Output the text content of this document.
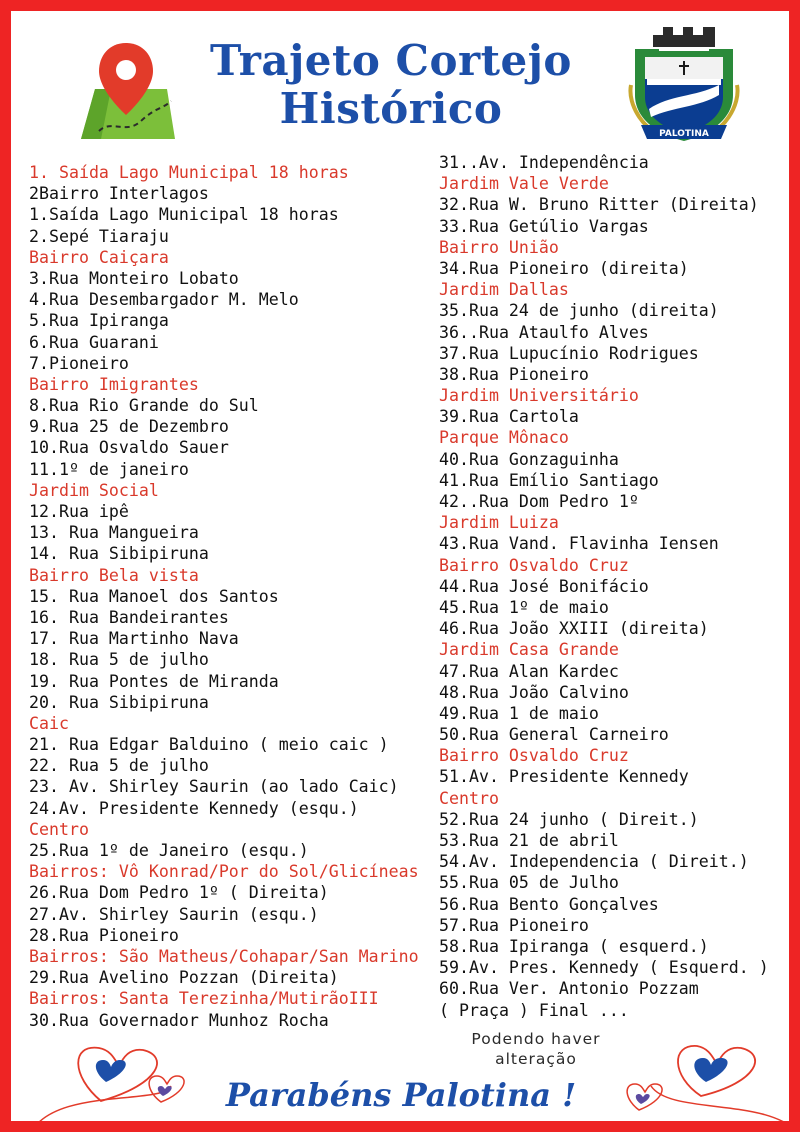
Trajeto Cortejo
Histórico
PALOTINA
1. Saída Lago Municipal 18 horas
2Bairro Interlagos
1.Saída Lago Municipal 18 horas
2.Sepé Tiaraju
Bairro Caiçara
3.Rua Monteiro Lobato
4.Rua Desembargador M. Melo
5.Rua Ipiranga
6.Rua Guarani
7.Pioneiro
Bairro Imigrantes
8.Rua Rio Grande do Sul
9.Rua 25 de Dezembro
10.Rua Osvaldo Sauer
11.1º de janeiro
Jardim Social
12.Rua ipê
13. Rua Mangueira
14. Rua Sibipiruna
Bairro Bela vista
15. Rua Manoel dos Santos
16. Rua Bandeirantes
17. Rua Martinho Nava
18. Rua 5 de julho
19. Rua Pontes de Miranda
20. Rua Sibipiruna
Caic
21. Rua Edgar Balduino ( meio caic )
22. Rua 5 de julho
23. Av. Shirley Saurin (ao lado Caic)
24.Av. Presidente Kennedy (esqu.)
Centro
25.Rua 1º de Janeiro (esqu.)
Bairros: Vô Konrad/Por do Sol/Glicíneas
26.Rua Dom Pedro 1º ( Direita)
27.Av. Shirley Saurin (esqu.)
28.Rua Pioneiro
Bairros: São Matheus/Cohapar/San Marino
29.Rua Avelino Pozzan (Direita)
Bairros: Santa Terezinha/MutirãoIII
30.Rua Governador Munhoz Rocha
31..Av. Independência
Jardim Vale Verde
32.Rua W. Bruno Ritter (Direita)
33.Rua Getúlio Vargas
Bairro União
34.Rua Pioneiro (direita)
Jardim Dallas
35.Rua 24 de junho (direita)
36..Rua Ataulfo Alves
37.Rua Lupucínio Rodrigues
38.Rua Pioneiro
Jardim Universitário
39.Rua Cartola
Parque Mônaco
40.Rua Gonzaguinha
41.Rua Emílio Santiago
42..Rua Dom Pedro 1º
Jardim Luiza
43.Rua Vand. Flavinha Iensen
Bairro Osvaldo Cruz
44.Rua José Bonifácio
45.Rua 1º de maio
46.Rua João XXIII (direita)
Jardim Casa Grande
47.Rua Alan Kardec
48.Rua João Calvino
49.Rua 1 de maio
50.Rua General Carneiro
Bairro Osvaldo Cruz
51.Av. Presidente Kennedy
Centro
52.Rua 24 junho ( Direit.)
53.Rua 21 de abril
54.Av. Independencia ( Direit.)
55.Rua 05 de Julho
56.Rua Bento Gonçalves
57.Rua Pioneiro
58.Rua Ipiranga ( esquerd.)
59.Av. Pres. Kennedy ( Esquerd. )
60.Rua Ver. Antonio Pozzam
( Praça ) Final ...
Podendo haver
alteração
Parabéns Palotina !
